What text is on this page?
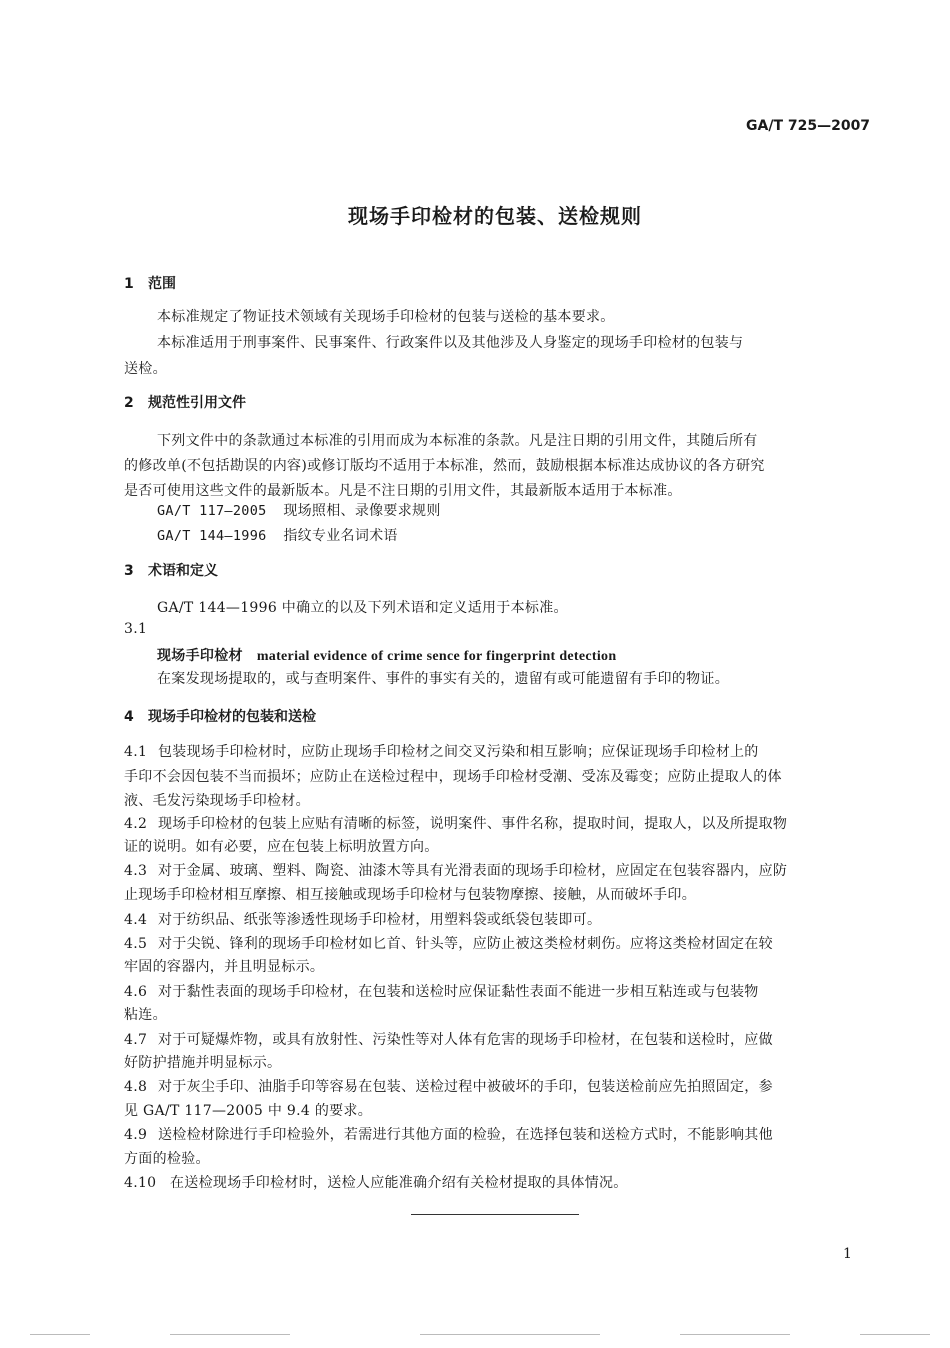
GA/T 725—2007
现场手印检材的包装、送检规则
1 范围
本标准规定了物证技术领域有关现场手印检材的包装与送检的基本要求。
本标准适用于刑事案件、民事案件、行政案件以及其他涉及人身鉴定的现场手印检材的包装与
送检。
2 规范性引用文件
下列文件中的条款通过本标准的引用而成为本标准的条款。凡是注日期的引用文件，其随后所有
的修改单(不包括勘误的内容)或修订版均不适用于本标准，然而，鼓励根据本标准达成协议的各方研究
是否可使用这些文件的最新版本。凡是不注日期的引用文件，其最新版本适用于本标准。
GA/T 117—2005 现场照相、录像要求规则
GA/T 144—1996 指纹专业名词术语
3 术语和定义
GA/T 144—1996 中确立的以及下列术语和定义适用于本标准。
3.1
现场手印检材 material evidence of crime sence for fingerprint detection
在案发现场提取的，或与查明案件、事件的事实有关的，遗留有或可能遗留有手印的物证。
4 现场手印检材的包装和送检
4.1 包装现场手印检材时，应防止现场手印检材之间交叉污染和相互影响；应保证现场手印检材上的
手印不会因包装不当而损坏；应防止在送检过程中，现场手印检材受潮、受冻及霉变；应防止提取人的体
液、毛发污染现场手印检材。
4.2 现场手印检材的包装上应贴有清晰的标签，说明案件、事件名称，提取时间，提取人，以及所提取物
证的说明。如有必要，应在包装上标明放置方向。
4.3 对于金属、玻璃、塑料、陶瓷、油漆木等具有光滑表面的现场手印检材，应固定在包装容器内，应防
止现场手印检材相互摩擦、相互接触或现场手印检材与包装物摩擦、接触，从而破坏手印。
4.4 对于纺织品、纸张等渗透性现场手印检材，用塑料袋或纸袋包装即可。
4.5 对于尖锐、锋利的现场手印检材如匕首、针头等，应防止被这类检材刺伤。应将这类检材固定在较
牢固的容器内，并且明显标示。
4.6 对于黏性表面的现场手印检材，在包装和送检时应保证黏性表面不能进一步相互粘连或与包装物
粘连。
4.7 对于可疑爆炸物，或具有放射性、污染性等对人体有危害的现场手印检材，在包装和送检时，应做
好防护措施并明显标示。
4.8 对于灰尘手印、油脂手印等容易在包装、送检过程中被破坏的手印，包装送检前应先拍照固定，参
见 GA/T 117—2005 中 9.4 的要求。
4.9 送检检材除进行手印检验外，若需进行其他方面的检验，在选择包装和送检方式时，不能影响其他
方面的检验。
4.10 在送检现场手印检材时，送检人应能准确介绍有关检材提取的具体情况。
1
